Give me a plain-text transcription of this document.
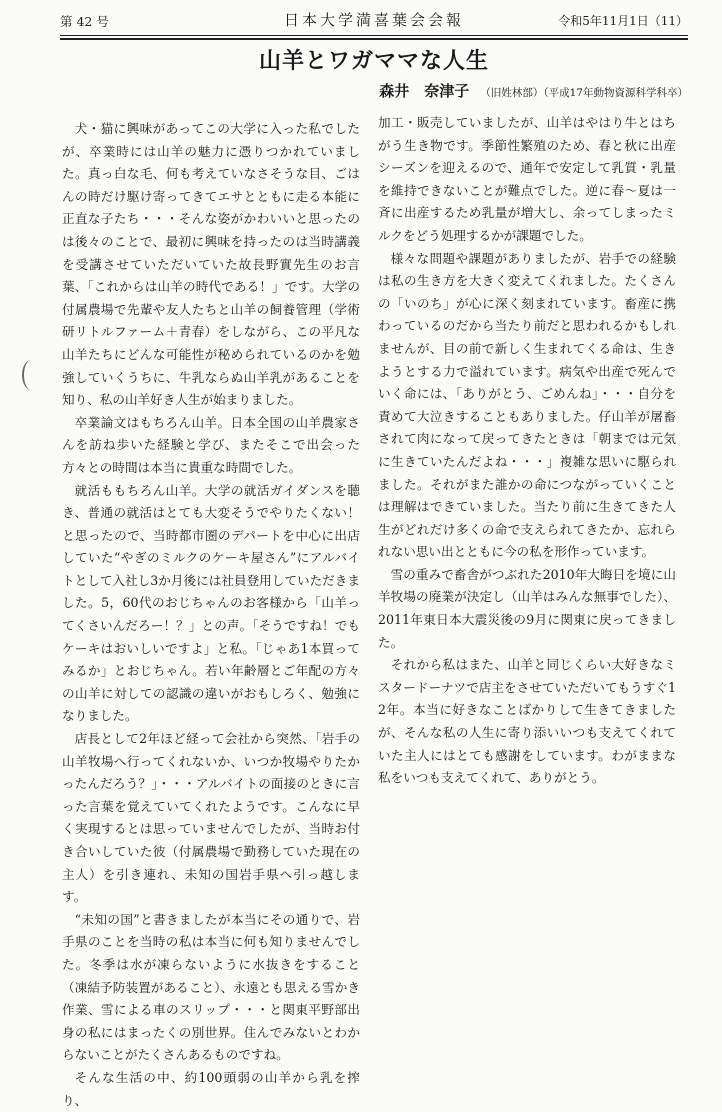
第 42 号	日本大学満喜葉会会報	令和5年11月1日（11）
山羊とワガママな人生
森井　奈津子 （旧姓林部）（平成17年動物資源科学科卒）

犬・猫に興味があってこの大学に入った私でしたが、卒業時には山羊の魅力に憑りつかれていました。真っ白な毛、何も考えていなさそうな目、ごはんの時だけ駆け寄ってきてエサとともに走る本能に正直な子たち・・・そんな姿がかわいいと思ったのは後々のことで、最初に興味を持ったのは当時講義を受講させていただいていた故長野實先生のお言葉、「これからは山羊の時代である！」です。大学の付属農場で先輩や友人たちと山羊の飼養管理（学術研リトルファーム＋青春）をしながら、この平凡な山羊たちにどんな可能性が秘められているのかを勉強していくうちに、牛乳ならぬ山羊乳があることを知り、私の山羊好き人生が始まりました。

卒業論文はもちろん山羊。日本全国の山羊農家さんを訪ね歩いた経験と学び、またそこで出会った方々との時間は本当に貴重な時間でした。

就活ももちろん山羊。大学の就活ガイダンスを聴き、普通の就活はとても大変そうでやりたくない！と思ったので、当時都市圏のデパートを中心に出店していた“やぎのミルクのケーキ屋さん”にアルバイトとして入社し3か月後には社員登用していただきました。5，60代のおじちゃんのお客様から「山羊ってくさいんだろー！？」との声。「そうですね！でもケーキはおいしいですよ」と私。「じゃあ1本買ってみるか」とおじちゃん。若い年齢層とご年配の方々の山羊に対しての認識の違いがおもしろく、勉強になりました。

店長として2年ほど経って会社から突然、「岩手の山羊牧場へ行ってくれないか、いつか牧場やりたかったんだろう？」・・・アルバイトの面接のときに言った言葉を覚えていてくれたようです。こんなに早く実現するとは思っていませんでしたが、当時お付き合いしていた彼（付属農場で勤務していた現在の主人）を引き連れ、未知の国岩手県へ引っ越します。

“未知の国”と書きましたが本当にその通りで、岩手県のことを当時の私は本当に何も知りませんでした。冬季は水が凍らないように水抜きをすること（凍結予防装置があること）、永遠とも思える雪かき作業、雪による車のスリップ・・・と関東平野部出身の私にはまったくの別世界。住んでみないとわからないことがたくさんあるものですね。

そんな生活の中、約100頭弱の山羊から乳を搾り、

加工・販売していましたが、山羊はやはり牛とはちがう生き物です。季節性繁殖のため、春と秋に出産シーズンを迎えるので、通年で安定して乳質・乳量を維持できないことが難点でした。逆に春～夏は一斉に出産するため乳量が増大し、余ってしまったミルクをどう処理するかが課題でした。

様々な問題や課題がありましたが、岩手での経験は私の生き方を大きく変えてくれました。たくさんの「いのち」が心に深く刻まれています。畜産に携わっているのだから当たり前だと思われるかもしれませんが、目の前で新しく生まれてくる命は、生きようとする力で溢れています。病気や出産で死んでいく命には、「ありがとう、ごめんね」・・・自分を責めて大泣きすることもありました。仔山羊が屠畜されて肉になって戻ってきたときは「朝までは元気に生きていたんだよね・・・」複雑な思いに駆られました。それがまた誰かの命につながっていくことは理解はできていました。当たり前に生きてきた人生がどれだけ多くの命で支えられてきたか、忘れられない思い出とともに今の私を形作っています。

雪の重みで畜舎がつぶれた2010年大晦日を境に山羊牧場の廃業が決定し（山羊はみんな無事でした）、2011年東日本大震災後の9月に関東に戻ってきました。

それから私はまた、山羊と同じくらい大好きなミスタードーナツで店主をさせていただいてもうすぐ12年。本当に好きなことばかりして生きてきましたが、そんな私の人生に寄り添いいつも支えてくれていた主人にはとても感謝をしています。わがままな私をいつも支えてくれて、ありがとう。
